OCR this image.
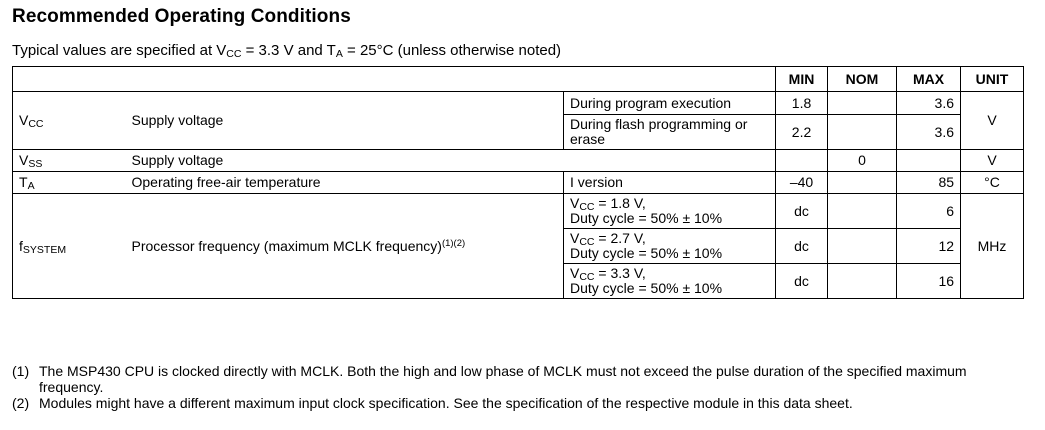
Recommended Operating Conditions
Typical values are specified at $V_{CC} = 3.3$ V and $T_A = 25^\circ C$ (unless otherwise noted)
			MIN	NOM	MAX	UNIT
$V_{CC}$	Supply voltage	During program execution	1.8		3.6	V
		During flash programming or erase	2.2		3.6	
$V_{SS}$	Supply voltage			0		V
$T_A$	Operating free-air temperature	I version	–40		85	°C
$f_{SYSTEM}$	Processor frequency (maximum MCLK frequency)$^{(1)(2)}$	$V_{CC} = 1.8$ V,
Duty cycle = 50% ± 10%	dc		6	MHz
		$V_{CC} = 2.7$ V,
Duty cycle = 50% ± 10%	dc		12	
		$V_{CC} = 3.3$ V,
Duty cycle = 50% ± 10%	dc		16	
(1) The MSP430 CPU is clocked directly with MCLK. Both the high and low phase of MCLK must not exceed the pulse duration of the specified maximum frequency.
(2) Modules might have a different maximum input clock specification. See the specification of the respective module in this data sheet.
